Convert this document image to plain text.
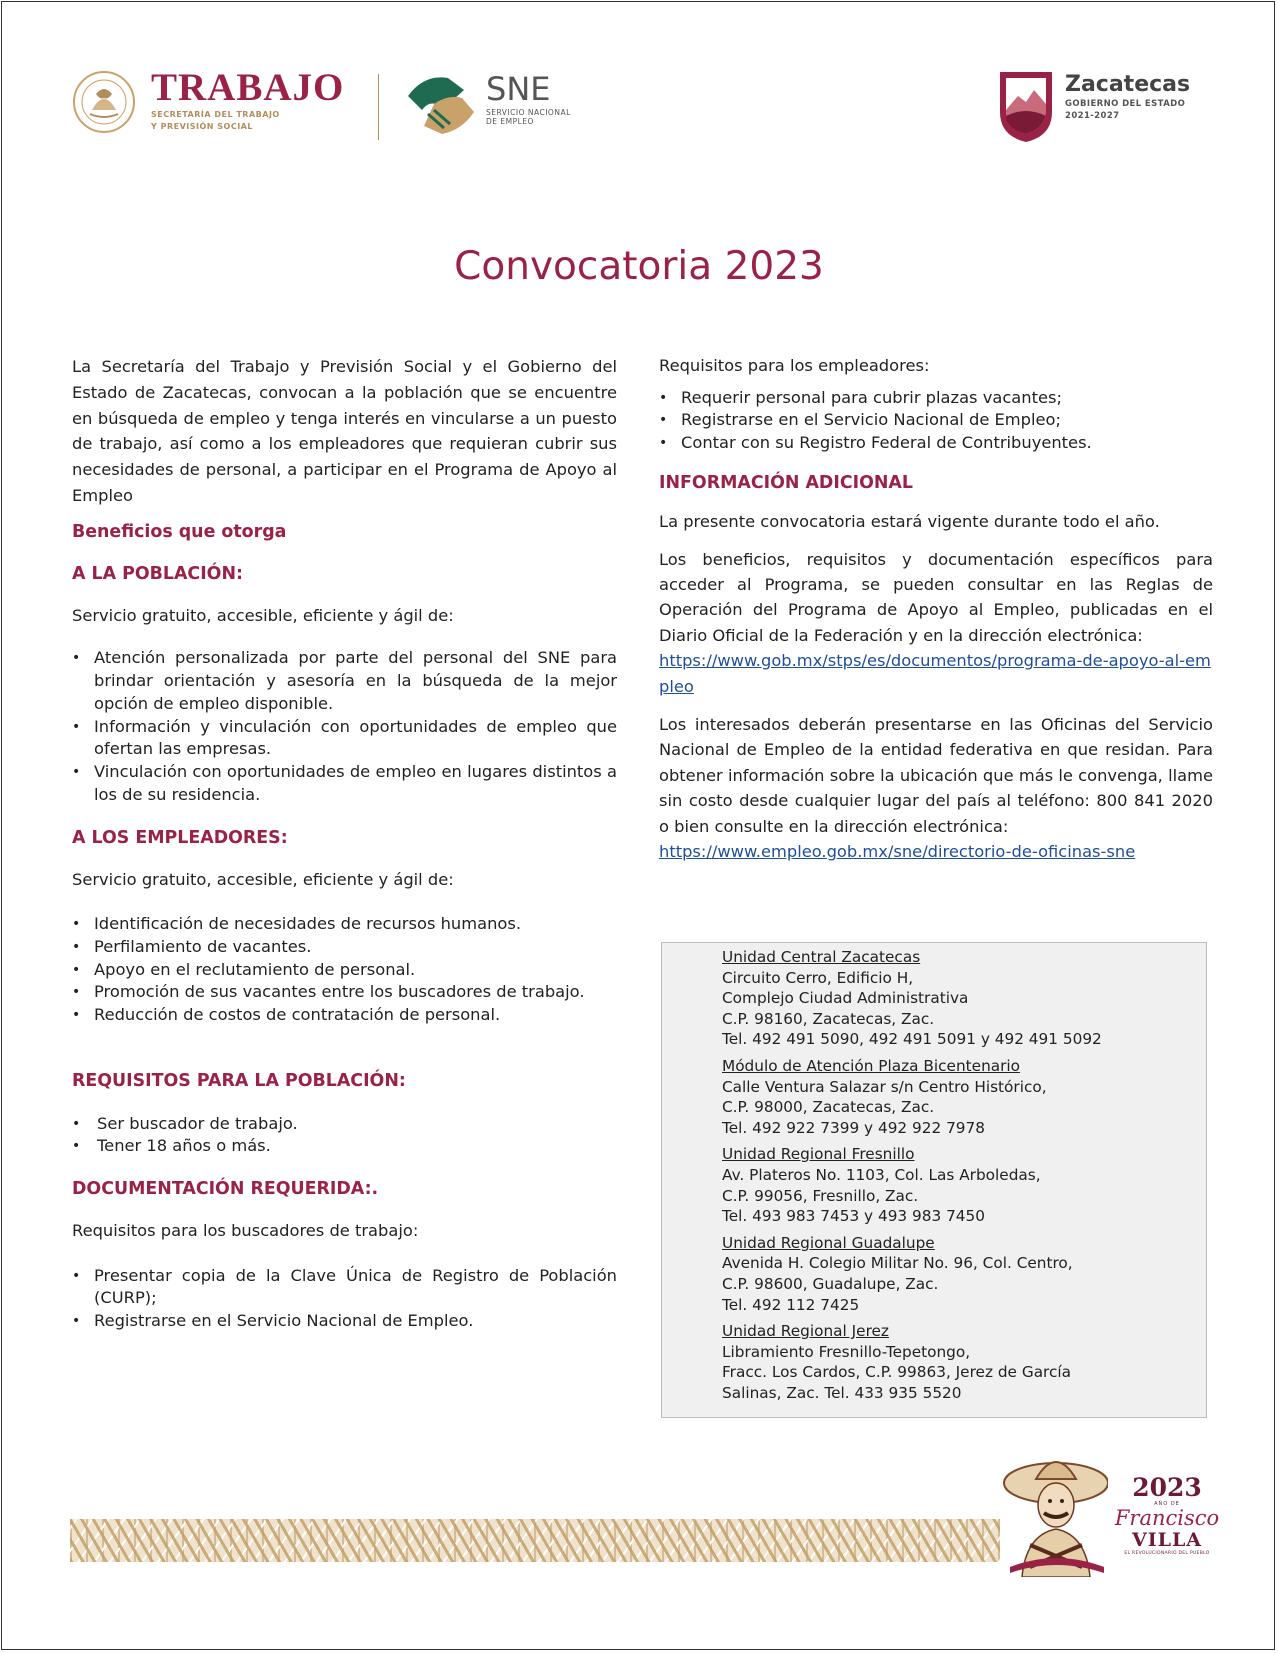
TRABAJO
SECRETARÍA DEL TRABAJO
Y PREVISIÓN SOCIAL
SNE
SERVICIO NACIONAL
DE EMPLEO
Zacatecas
GOBIERNO DEL ESTADO
2021-2027
Convocatoria 2023

La Secretaría del Trabajo y Previsión Social y el Gobierno del Estado de Zacatecas, convocan a la población que se encuentre en búsqueda de empleo y tenga interés en vincularse a un puesto de trabajo, así como a los empleadores que requieran cubrir sus necesidades de personal, a participar en el Programa de Apoyo al Empleo

Beneficios que otorga

A LA POBLACIÓN:

Servicio gratuito, accesible, eficiente y ágil de:

• Atención personalizada por parte del personal del SNE para brindar orientación y asesoría en la búsqueda de la mejor opción de empleo disponible.
• Información y vinculación con oportunidades de empleo que ofertan las empresas.
• Vinculación con oportunidades de empleo en lugares distintos a los de su residencia.

A LOS EMPLEADORES:

Servicio gratuito, accesible, eficiente y ágil de:

• Identificación de necesidades de recursos humanos.
• Perfilamiento de vacantes.
• Apoyo en el reclutamiento de personal.
• Promoción de sus vacantes entre los buscadores de trabajo.
• Reducción de costos de contratación de personal.

REQUISITOS PARA LA POBLACIÓN:

• Ser buscador de trabajo.
• Tener 18 años o más.

DOCUMENTACIÓN REQUERIDA:.

Requisitos para los buscadores de trabajo:

• Presentar copia de la Clave Única de Registro de Población (CURP);
• Registrarse en el Servicio Nacional de Empleo.

Requisitos para los empleadores:

• Requerir personal para cubrir plazas vacantes;
• Registrarse en el Servicio Nacional de Empleo;
• Contar con su Registro Federal de Contribuyentes.

INFORMACIÓN ADICIONAL

La presente convocatoria estará vigente durante todo el año.

Los beneficios, requisitos y documentación específicos para acceder al Programa, se pueden consultar en las Reglas de Operación del Programa de Apoyo al Empleo, publicadas en el Diario Oficial de la Federación y en la dirección electrónica:

https://www.gob.mx/stps/es/documentos/programa-de-apoyo-al-empleo

Los interesados deberán presentarse en las Oficinas del Servicio Nacional de Empleo de la entidad federativa en que residan. Para obtener información sobre la ubicación que más le convenga, llame sin costo desde cualquier lugar del país al teléfono: 800 841 2020 o bien consulte en la dirección electrónica:

https://www.empleo.gob.mx/sne/directorio-de-oficinas-sne

Unidad Central Zacatecas
Circuito Cerro, Edificio H,
Complejo Ciudad Administrativa
C.P. 98160, Zacatecas, Zac.
Tel. 492 491 5090, 492 491 5091 y 492 491 5092
Módulo de Atención Plaza Bicentenario
Calle Ventura Salazar s/n Centro Histórico,
C.P. 98000, Zacatecas, Zac.
Tel. 492 922 7399 y 492 922 7978
Unidad Regional Fresnillo
Av. Plateros No. 1103, Col. Las Arboledas,
C.P. 99056, Fresnillo, Zac.
Tel. 493 983 7453 y 493 983 7450
Unidad Regional Guadalupe
Avenida H. Colegio Militar No. 96, Col. Centro,
C.P. 98600, Guadalupe, Zac.
Tel. 492 112 7425
Unidad Regional Jerez
Libramiento Fresnillo-Tepetongo,
Fracc. Los Cardos, C.P. 99863, Jerez de García
Salinas, Zac. Tel. 433 935 5520
2023
AÑO DE
Francisco
VILLA
EL REVOLUCIONARIO DEL PUEBLO
